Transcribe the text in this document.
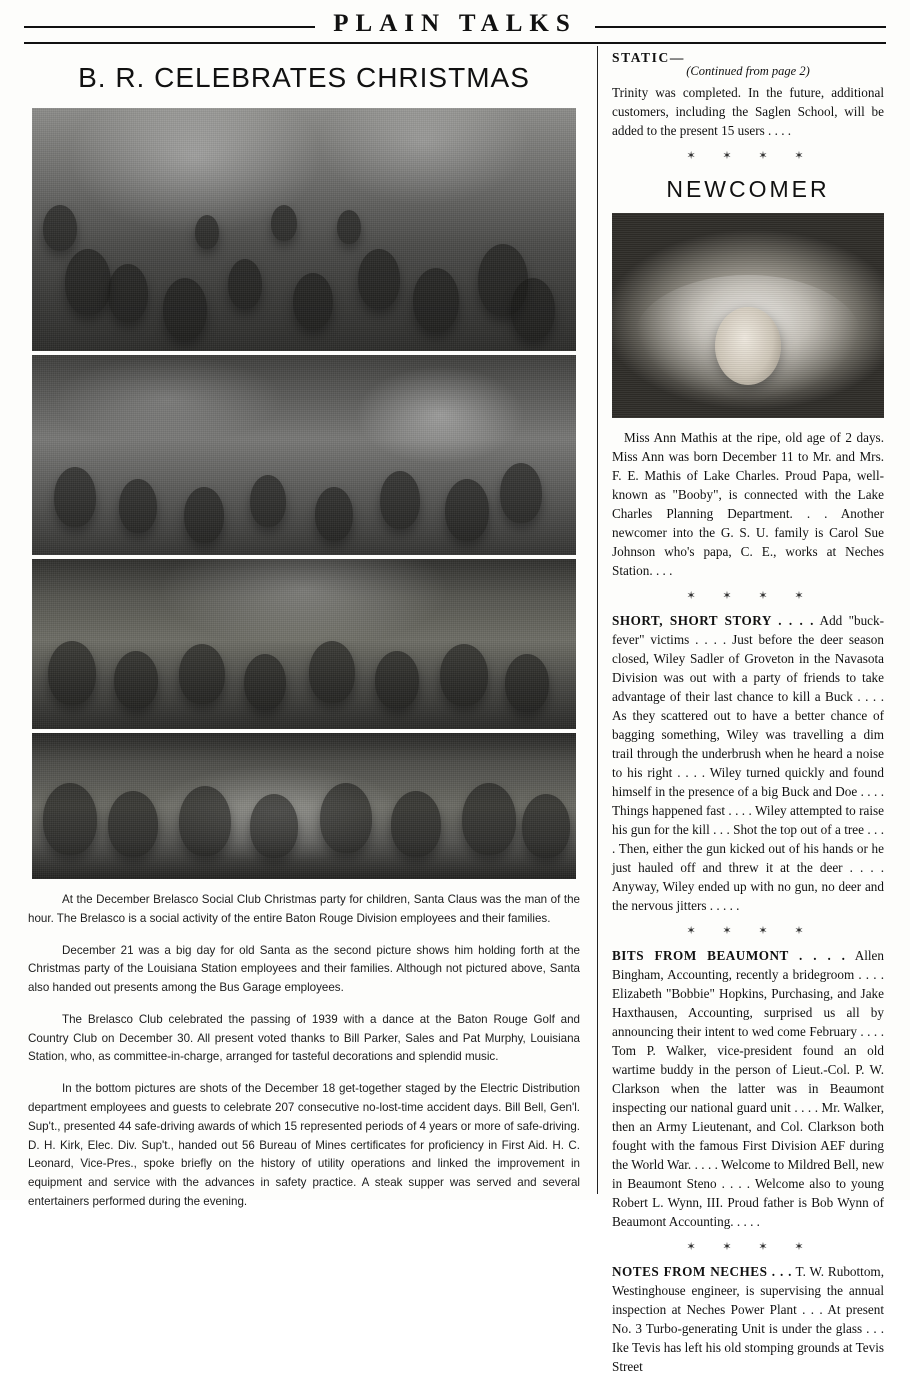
PLAIN TALKS
B. R. CELEBRATES CHRISTMAS

At the December Brelasco Social Club Christmas party for children, Santa Claus was the man of the hour. The Brelasco is a social activity of the entire Baton Rouge Division employees and their families.

December 21 was a big day for old Santa as the second picture shows him holding forth at the Christmas party of the Louisiana Station employees and their families. Although not pictured above, Santa also handed out presents among the Bus Garage employees.

The Brelasco Club celebrated the passing of 1939 with a dance at the Baton Rouge Golf and Country Club on December 30. All present voted thanks to Bill Parker, Sales and Pat Murphy, Louisiana Station, who, as committee-in-charge, arranged for tasteful decorations and splendid music.

In the bottom pictures are shots of the December 18 get-together staged by the Electric Distribution department employees and guests to celebrate 207 consecutive no-lost-time accident days. Bill Bell, Gen'l. Sup't., presented 44 safe-driving awards of which 15 represented periods of 4 years or more of safe-driving. D. H. Kirk, Elec. Div. Sup't., handed out 56 Bureau of Mines certificates for proficiency in First Aid. H. C. Leonard, Vice-Pres., spoke briefly on the history of utility operations and linked the improvement in equipment and service with the advances in safety practice. A steak supper was served and several entertainers performed during the evening.

STATIC—
(Continued from page 2)

Trinity was completed. In the future, additional customers, including the Saglen School, will be added to the present 15 users . . . .

✶ ✶ ✶ ✶
NEWCOMER

Miss Ann Mathis at the ripe, old age of 2 days. Miss Ann was born December 11 to Mr. and Mrs. F. E. Mathis of Lake Charles. Proud Papa, well-known as "Booby", is connected with the Lake Charles Planning Department. . . Another newcomer into the G. S. U. family is Carol Sue Johnson who's papa, C. E., works at Neches Station. . . .

✶ ✶ ✶ ✶

SHORT, SHORT STORY . . . . Add "buck-fever" victims . . . . Just before the deer season closed, Wiley Sadler of Groveton in the Navasota Division was out with a party of friends to take advantage of their last chance to kill a Buck . . . . As they scattered out to have a better chance of bagging something, Wiley was travelling a dim trail through the underbrush when he heard a noise to his right . . . . Wiley turned quickly and found himself in the presence of a big Buck and Doe . . . . Things happened fast . . . . Wiley attempted to raise his gun for the kill . . . Shot the top out of a tree . . . . Then, either the gun kicked out of his hands or he just hauled off and threw it at the deer . . . . Anyway, Wiley ended up with no gun, no deer and the nervous jitters . . . . .

✶ ✶ ✶ ✶

BITS FROM BEAUMONT . . . . Allen Bingham, Accounting, recently a bridegroom . . . . Elizabeth "Bobbie" Hopkins, Purchasing, and Jake Haxthausen, Accounting, surprised us all by announcing their intent to wed come February . . . . Tom P. Walker, vice-president found an old wartime buddy in the person of Lieut.-Col. P. W. Clarkson when the latter was in Beaumont inspecting our national guard unit . . . . Mr. Walker, then an Army Lieutenant, and Col. Clarkson both fought with the famous First Division AEF during the World War. . . . . Welcome to Mildred Bell, new in Beaumont Steno . . . . Welcome also to young Robert L. Wynn, III. Proud father is Bob Wynn of Beaumont Accounting. . . . .

✶ ✶ ✶ ✶

NOTES FROM NECHES . . . T. W. Rubottom, Westinghouse engineer, is supervising the annual inspection at Neches Power Plant . . . At present No. 3 Turbo-generating Unit is under the glass . . . Ike Tevis has left his old stomping grounds at Tevis Street
